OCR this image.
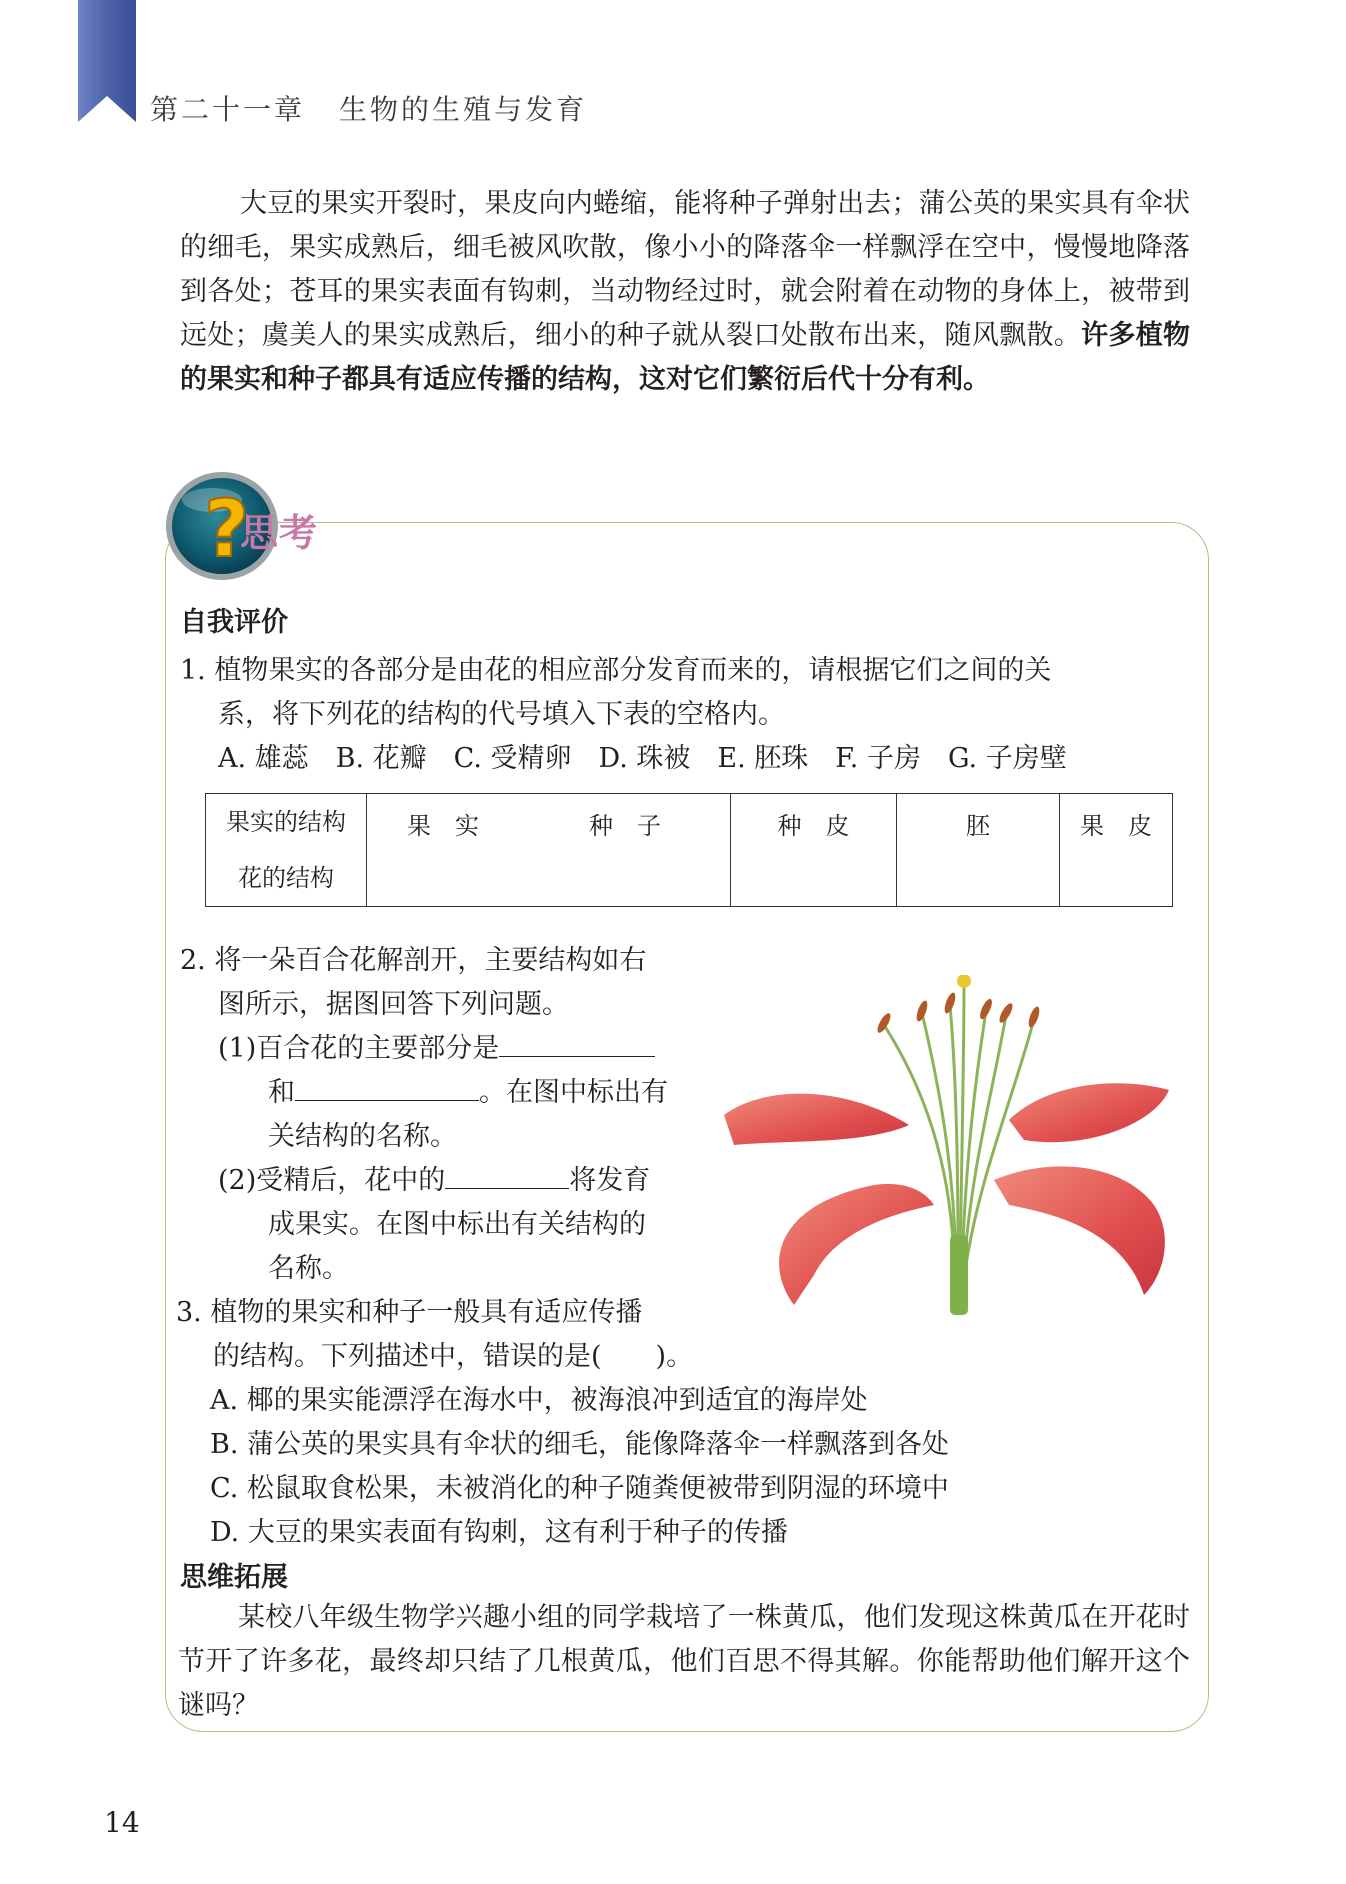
第二十一章 生物的生殖与发育

大豆的果实开裂时，果皮向内蜷缩，能将种子弹射出去；蒲公英的果实具有伞状的细毛，果实成熟后，细毛被风吹散，像小小的降落伞一样飘浮在空中，慢慢地降落到各处；苍耳的果实表面有钩刺，当动物经过时，就会附着在动物的身体上，被带到远处；虞美人的果实成熟后，细小的种子就从裂口处散布出来，随风飘散。许多植物的果实和种子都具有适应传播的结构，这对它们繁衍后代十分有利。

?
思考
自我评价
1. 植物果实的各部分是由花的相应部分发育而来的，请根据它们之间的关
系，将下列花的结构的代号填入下表的空格内。
A. 雄蕊　B. 花瓣　C. 受精卵　D. 珠被　E. 胚珠　F. 子房　G. 子房壁
果实的结构
花的结构
	果　实	种　子	种　皮	胚	果　皮
2. 将一朵百合花解剖开，主要结构如右
图所示，据图回答下列问题。
(1)百合花的主要部分是
和	。在图中标出有
关结构的名称。
(2)受精后，花中的	将发育
成果实。在图中标出有关结构的
名称。
3. 植物的果实和种子一般具有适应传播
的结构。下列描述中，错误的是(　　)。
A. 椰的果实能漂浮在海水中，被海浪冲到适宜的海岸处
B. 蒲公英的果实具有伞状的细毛，能像降落伞一样飘落到各处
C. 松鼠取食松果，未被消化的种子随粪便被带到阴湿的环境中
D. 大豆的果实表面有钩刺，这有利于种子的传播
思维拓展

某校八年级生物学兴趣小组的同学栽培了一株黄瓜，他们发现这株黄瓜在开花时节开了许多花，最终却只结了几根黄瓜，他们百思不得其解。你能帮助他们解开这个谜吗？

14
